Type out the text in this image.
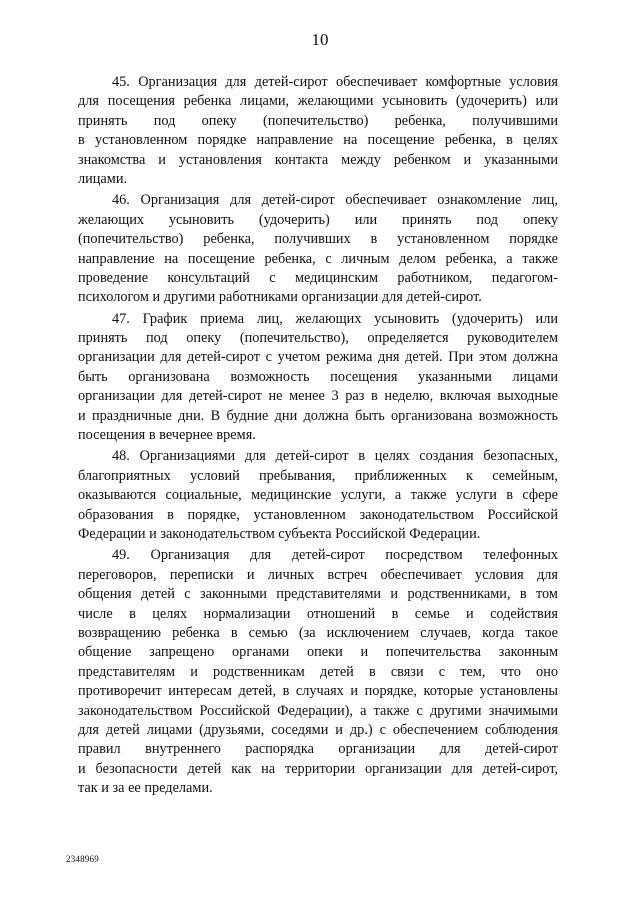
10
45. Организация для детей-сирот обеспечивает комфортные условия
для посещения ребенка лицами, желающими усыновить (удочерить) или
принять под опеку (попечительство) ребенка, получившими
в установленном порядке направление на посещение ребенка, в целях
знакомства и установления контакта между ребенком и указанными
лицами.
46. Организация для детей-сирот обеспечивает ознакомление лиц,
желающих усыновить (удочерить) или принять под опеку
(попечительство) ребенка, получивших в установленном порядке
направление на посещение ребенка, с личным делом ребенка, а также
проведение консультаций с медицинским работником, педагогом-
психологом и другими работниками организации для детей-сирот.
47. График приема лиц, желающих усыновить (удочерить) или
принять под опеку (попечительство), определяется руководителем
организации для детей-сирот с учетом режима дня детей. При этом должна
быть организована возможность посещения указанными лицами
организации для детей-сирот не менее 3 раз в неделю, включая выходные
и праздничные дни. В будние дни должна быть организована возможность
посещения в вечернее время.
48. Организациями для детей-сирот в целях создания безопасных,
благоприятных условий пребывания, приближенных к семейным,
оказываются социальные, медицинские услуги, а также услуги в сфере
образования в порядке, установленном законодательством Российской
Федерации и законодательством субъекта Российской Федерации.
49. Организация для детей-сирот посредством телефонных
переговоров, переписки и личных встреч обеспечивает условия для
общения детей с законными представителями и родственниками, в том
числе в целях нормализации отношений в семье и содействия
возвращению ребенка в семью (за исключением случаев, когда такое
общение запрещено органами опеки и попечительства законным
представителям и родственникам детей в связи с тем, что оно
противоречит интересам детей, в случаях и порядке, которые установлены
законодательством Российской Федерации), а также с другими значимыми
для детей лицами (друзьями, соседями и др.) с обеспечением соблюдения
правил внутреннего распорядка организации для детей-сирот
и безопасности детей как на территории организации для детей-сирот,
так и за ее пределами.
2348969
